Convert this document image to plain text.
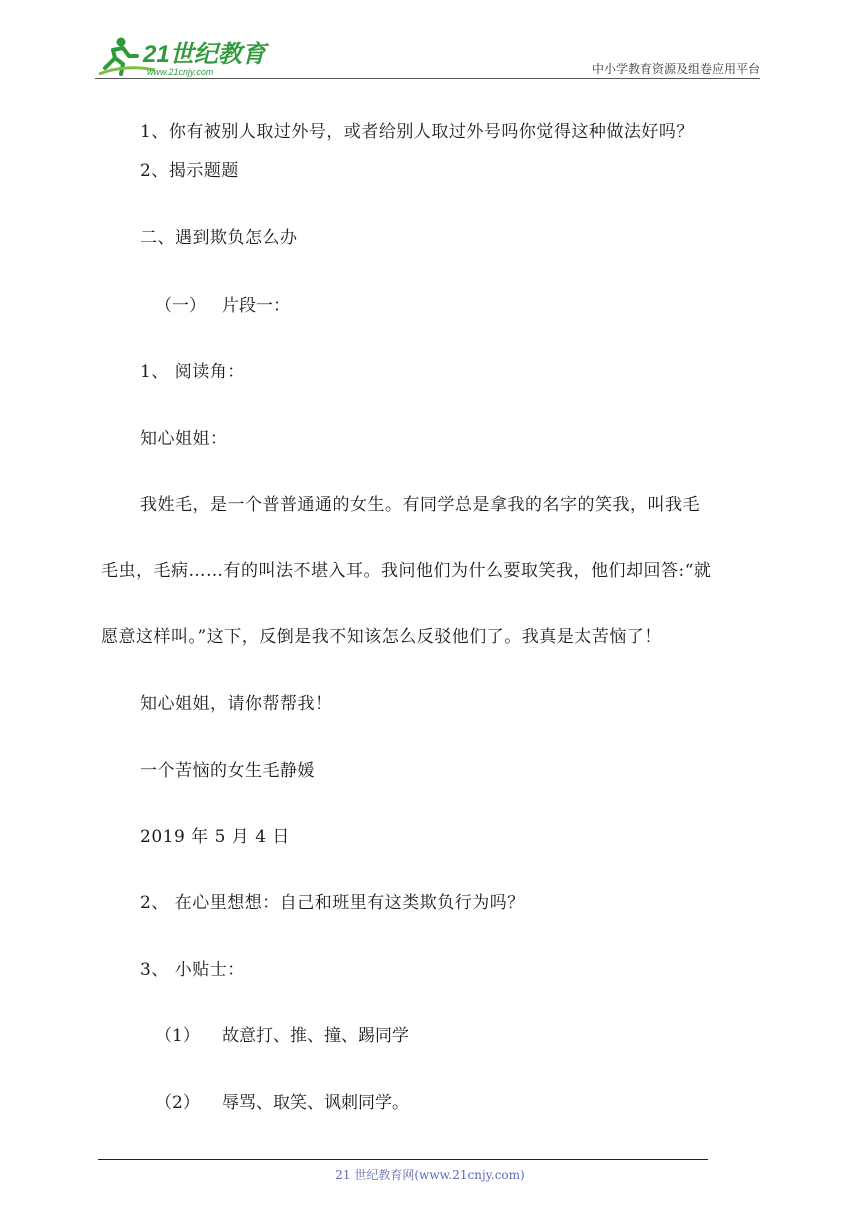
21世纪教育
www.21cnjy.com	中小学教育资源及组卷应用平台
1、你有被别人取过外号，或者给别人取过外号吗你觉得这种做法好吗？
2、揭示题题
二、遇到欺负怎么办
（一） 片段一：
1、 阅读角：
知心姐姐：
我姓毛，是一个普普通通的女生。有同学总是拿我的名字的笑我，叫我毛
毛虫，毛病……有的叫法不堪入耳。我问他们为什么要取笑我，他们却回答:“就
愿意这样叫。”这下，反倒是我不知该怎么反驳他们了。我真是太苦恼了！
知心姐姐，请你帮帮我！
一个苦恼的女生毛静媛
2019 年 5 月 4 日
2、 在心里想想：自己和班里有这类欺负行为吗？
3、 小贴士：
（1） 故意打、推、撞、踢同学
（2） 辱骂、取笑、讽刺同学。
21 世纪教育网(www.21cnjy.com)
